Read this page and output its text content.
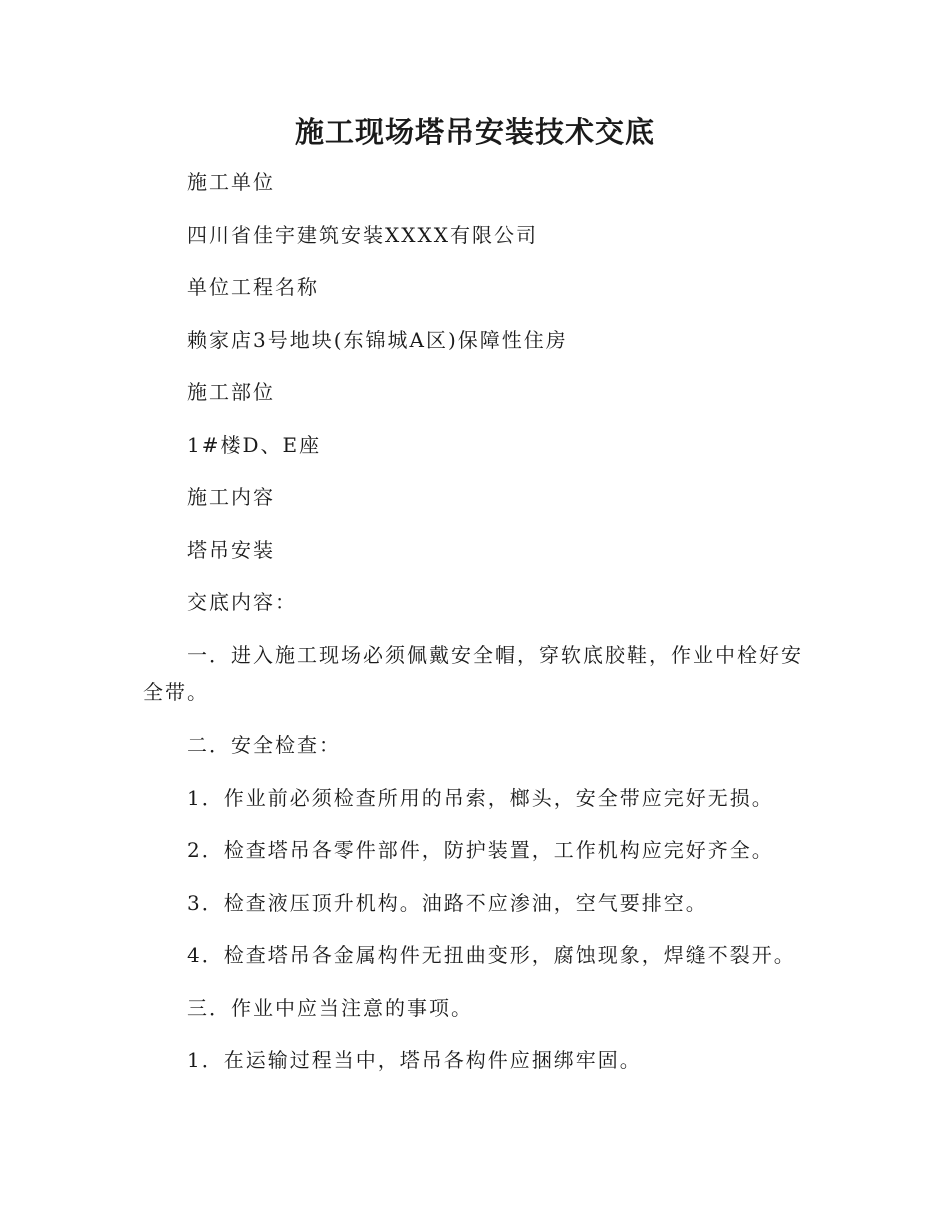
施工现场塔吊安装技术交底
施工单位
四川省佳宇建筑安装XXXX有限公司
单位工程名称
赖家店3号地块(东锦城A区)保障性住房
施工部位
1#楼D、E座
施工内容
塔吊安装
交底内容：
一．进入施工现场必须佩戴安全帽，穿软底胶鞋，作业中栓好安
全带。
二．安全检查：
1．作业前必须检查所用的吊索，榔头，安全带应完好无损。
2．检查塔吊各零件部件，防护装置，工作机构应完好齐全。
3．检查液压顶升机构。油路不应渗油，空气要排空。
4．检查塔吊各金属构件无扭曲变形，腐蚀现象，焊缝不裂开。
三．作业中应当注意的事项。
1．在运输过程当中，塔吊各构件应捆绑牢固。
